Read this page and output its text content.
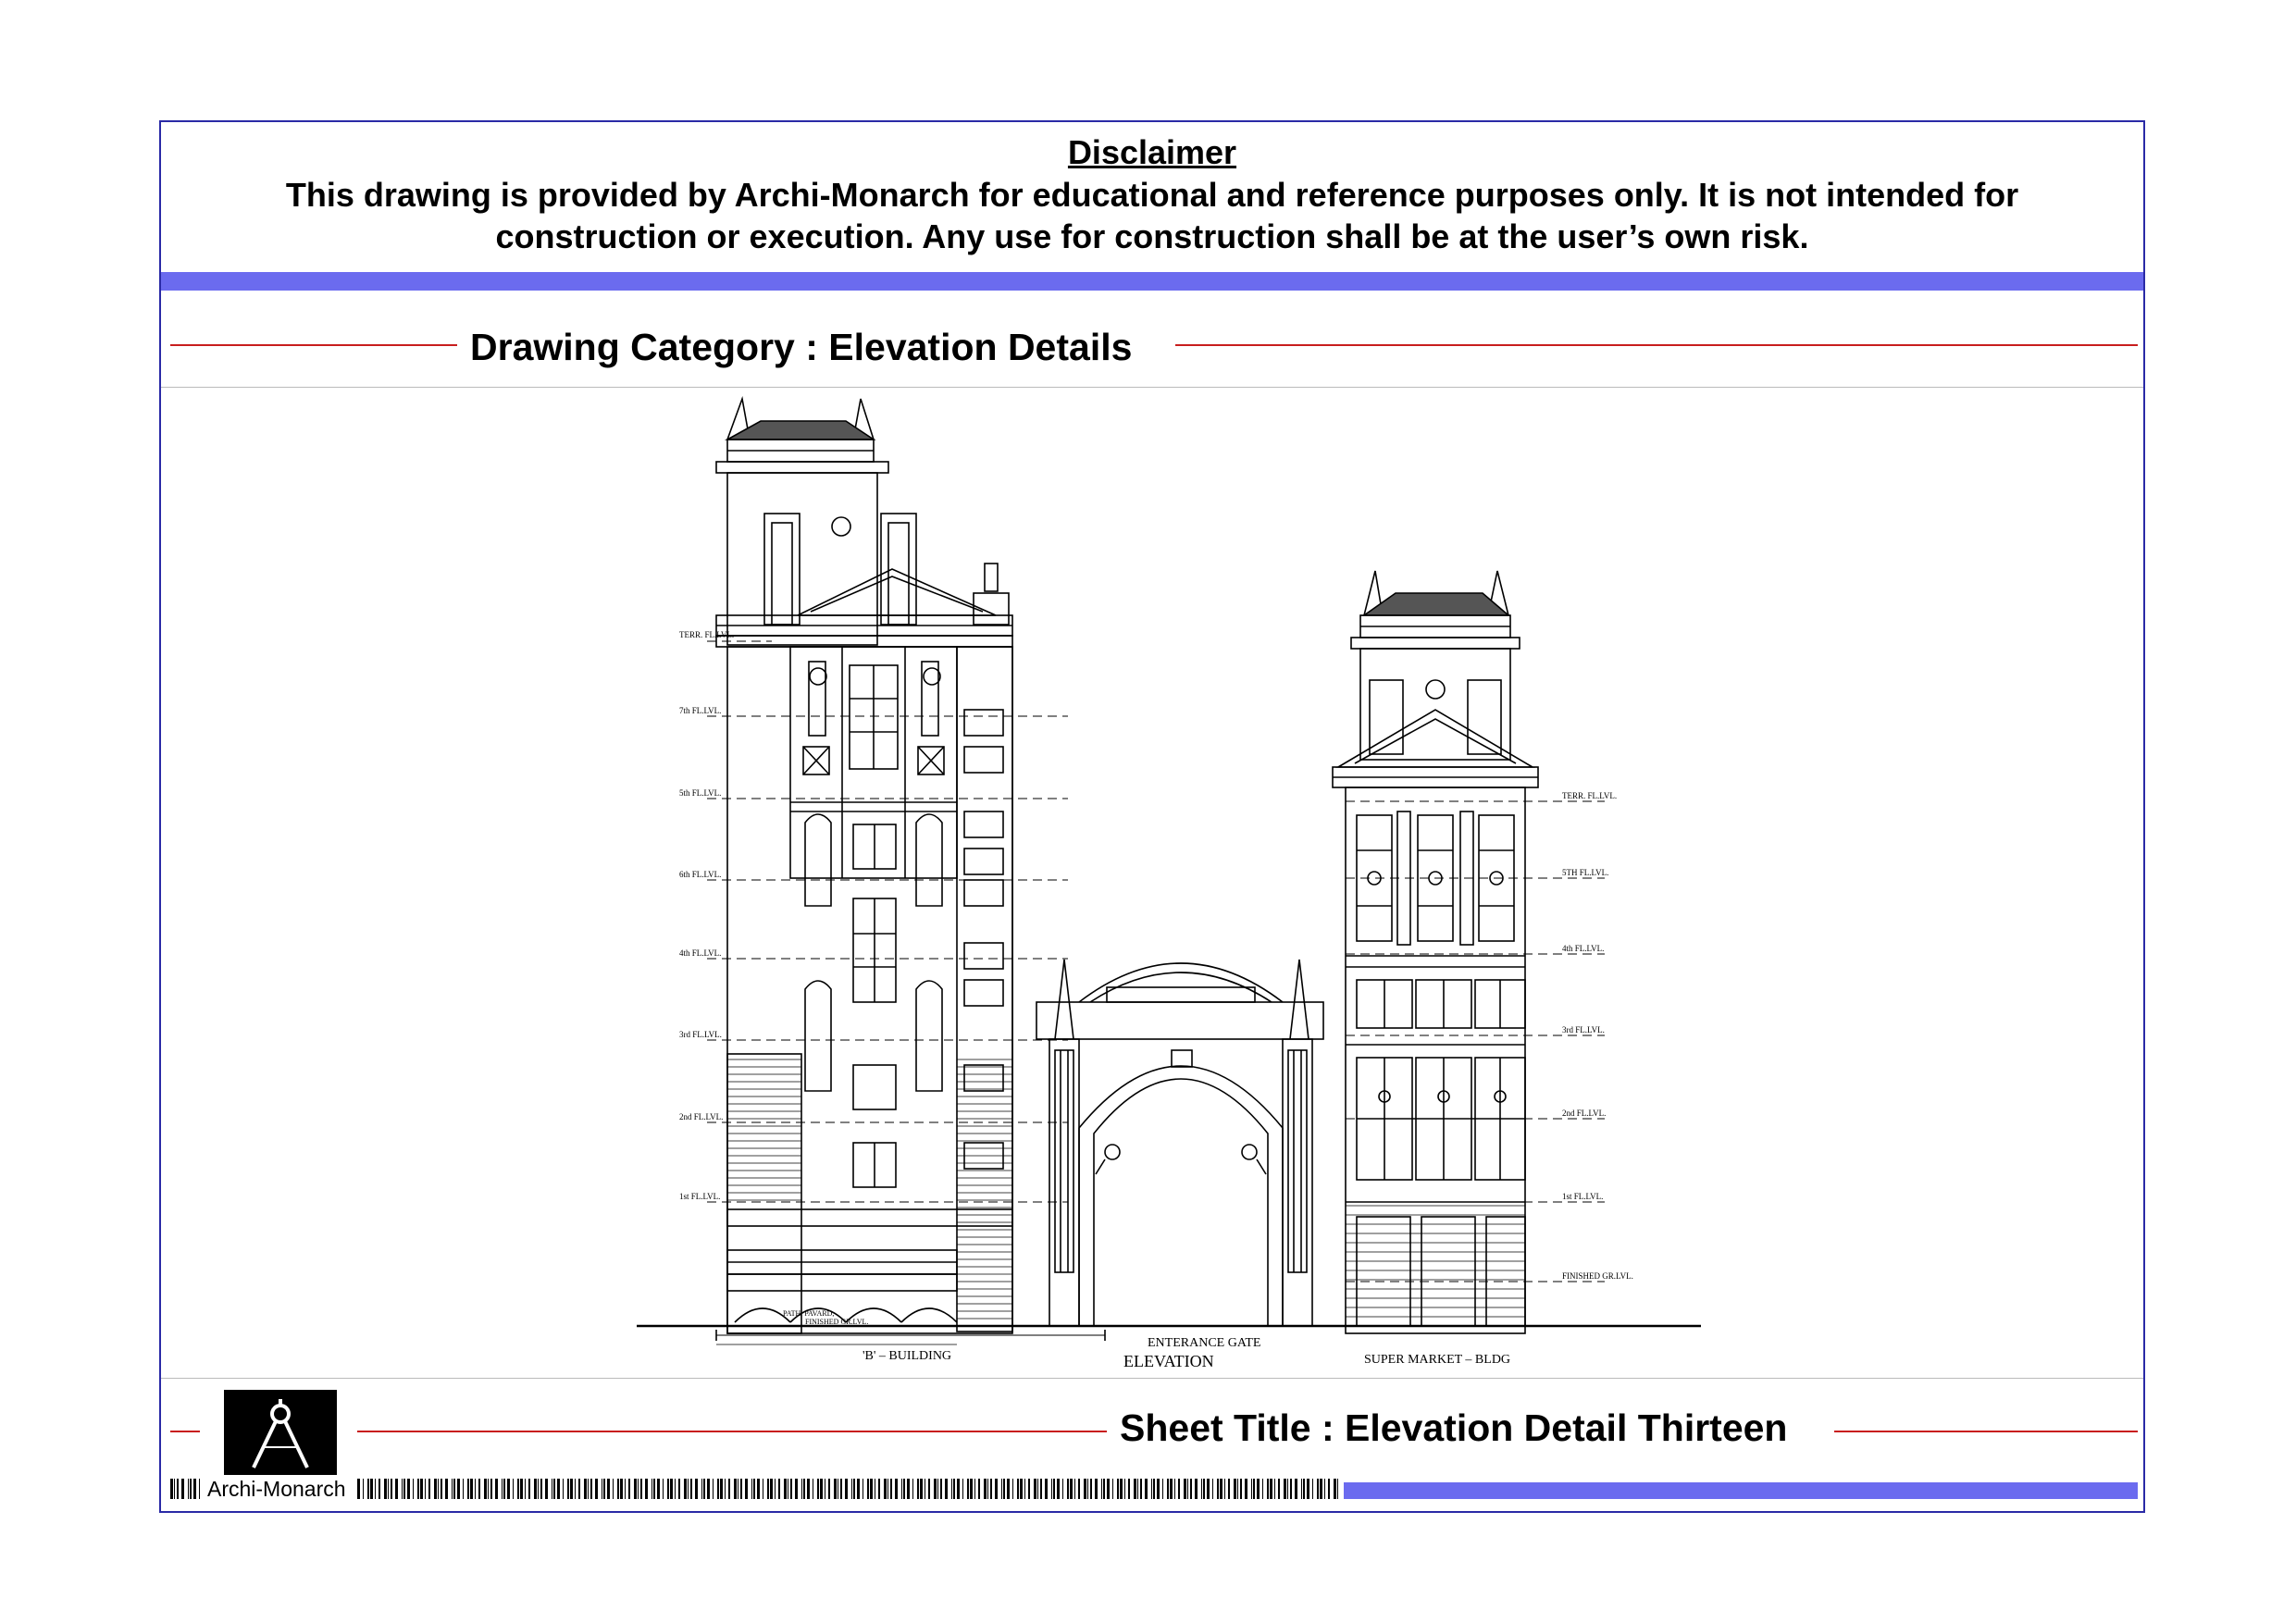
Disclaimer
This drawing is provided by Archi-Monarch for educational and reference purposes only. It is not intended for construction or execution. Any use for construction shall be at the user’s own risk.
Drawing Category : Elevation Details
TERR. FL.LVL.
7th FL.LVL.
5th FL.LVL.
6th FL.LVL.
4th FL.LVL.
3rd FL.LVL.
2nd FL.LVL.
1st FL.LVL.
TERR. FL.LVL.
5TH FL.LVL.
4th FL.LVL.
3rd FL.LVL.
2nd FL.LVL.
1st FL.LVL.
FINISHED GR.LVL.
PATH, PAVARD,
FINISHED GR.LVL.
'B' – BUILDING
ENTERANCE GATE
ELEVATION	SUPER MARKET – BLDG
Sheet Title : Elevation Detail Thirteen
Archi-Monarch
